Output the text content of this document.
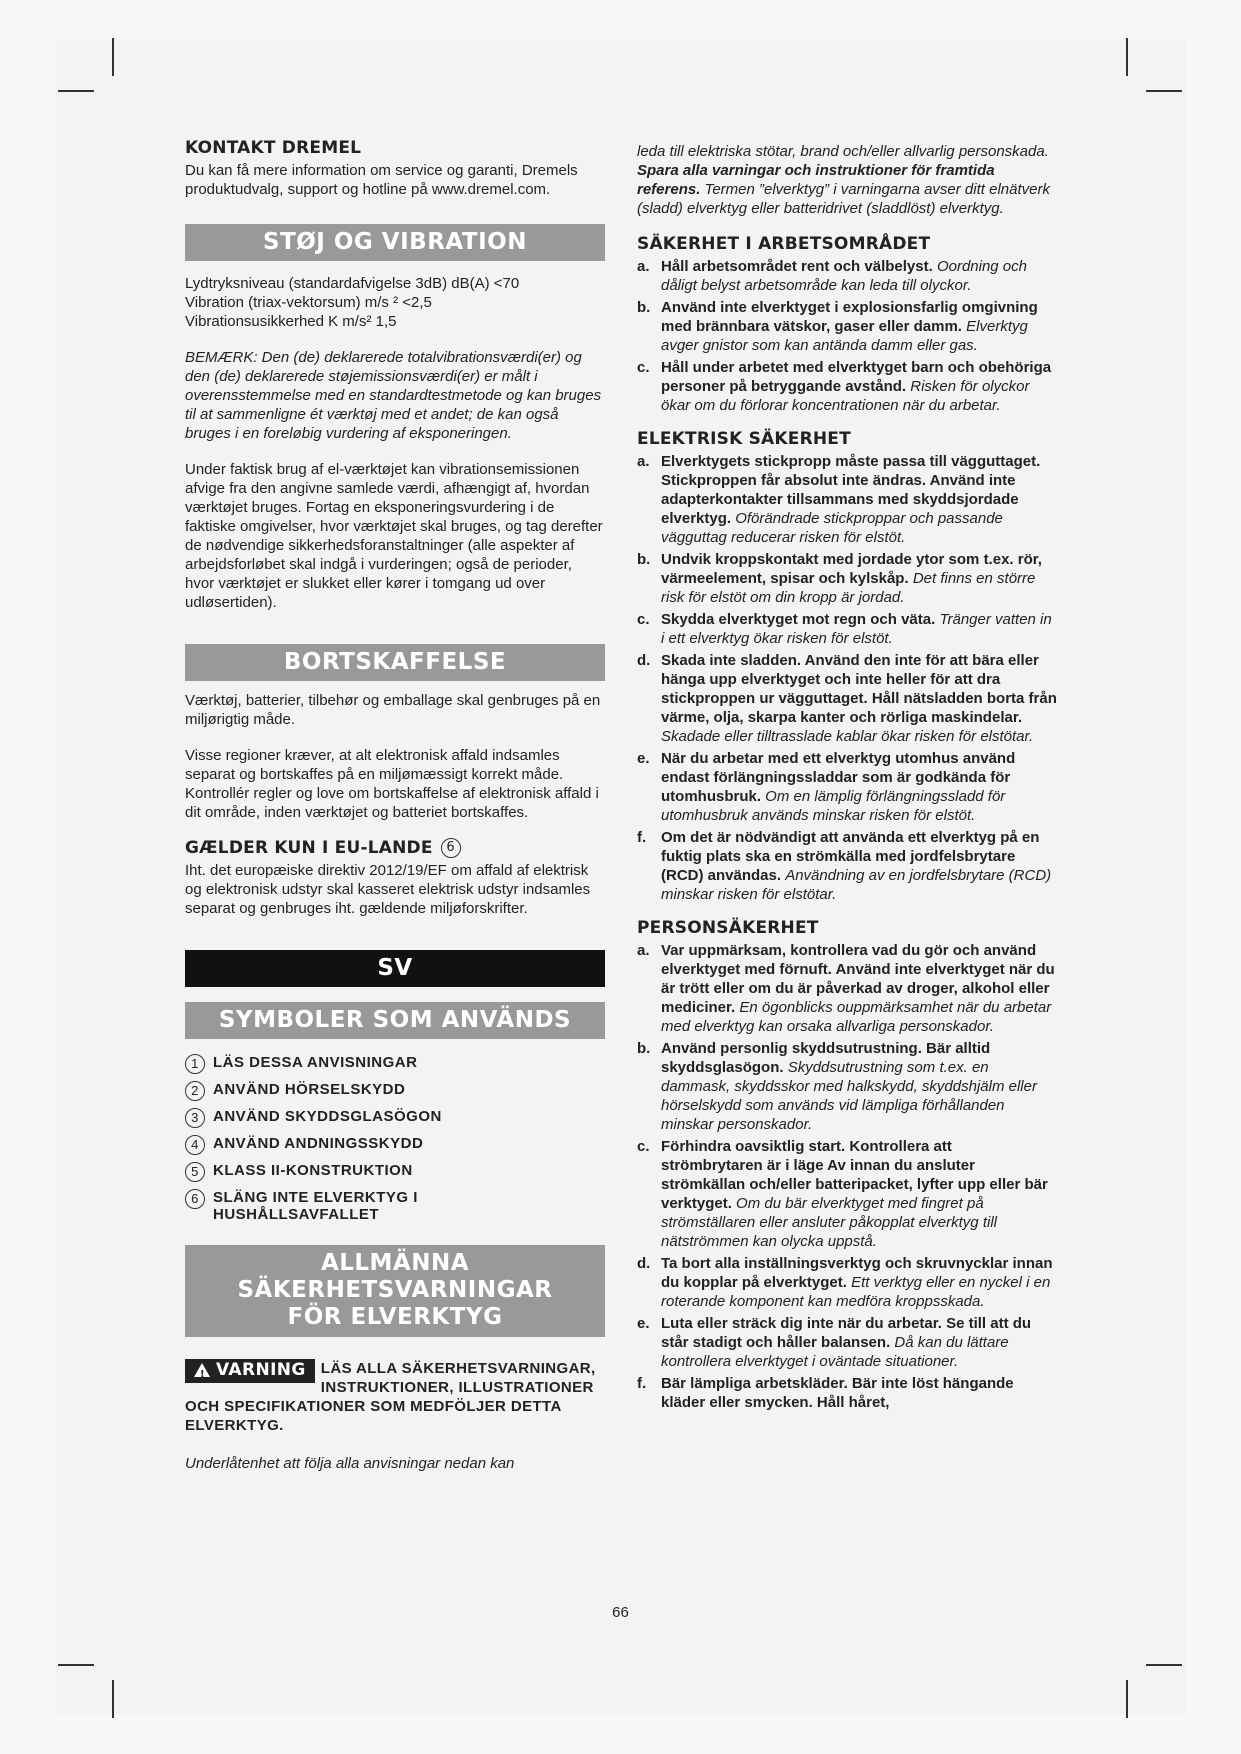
KONTAKT DREMEL

Du kan få mere information om service og garanti, Dremels produktudvalg, support og hotline på www.dremel.com.

STØJ OG VIBRATION

Lydtryksniveau (standardafvigelse 3dB) dB(A) <70

Vibration (triax-vektorsum) m/s ² <2,5

Vibrationsusikkerhed K m/s² 1,5

BEMÆRK: Den (de) deklarerede totalvibrationsværdi(er) og den (de) deklarerede støjemissionsværdi(er) er målt i overensstemmelse med en standardtestmetode og kan bruges til at sammenligne ét værktøj med et andet; de kan også bruges i en foreløbig vurdering af eksponeringen.

Under faktisk brug af el-værktøjet kan vibrationsemissionen afvige fra den angivne samlede værdi, afhængigt af, hvordan værktøjet bruges. Fortag en eksponeringsvurdering i de faktiske omgivelser, hvor værktøjet skal bruges, og tag derefter de nødvendige sikkerhedsforanstaltninger (alle aspekter af arbejdsforløbet skal indgå i vurderingen; også de perioder, hvor værktøjet er slukket eller kører i tomgang ud over udløsertiden).

BORTSKAFFELSE

Værktøj, batterier, tilbehør og emballage skal genbruges på en miljørigtig måde.

Visse regioner kræver, at alt elektronisk affald indsamles separat og bortskaffes på en miljømæssigt korrekt måde. Kontrollér regler og love om bortskaffelse af elektronisk affald i dit område, inden værktøjet og batteriet bortskaffes.

GÆLDER KUN I EU-LANDE	6

Iht. det europæiske direktiv 2012/19/EF om affald af elektrisk og elektronisk udstyr skal kasseret elektrisk udstyr indsamles separat og genbruges iht. gældende miljøforskrifter.

SV
SYMBOLER SOM ANVÄNDS
1 LÄS DESSA ANVISNINGAR
2 ANVÄND HÖRSELSKYDD
3 ANVÄND SKYDDSGLASÖGON
4 ANVÄND ANDNINGSSKYDD
5 KLASS II-KONSTRUKTION
6 SLÄNG INTE ELVERKTYG I HUSHÅLLSAVFALLET
ALLMÄNNA SÄKERHETSVARNINGAR
FÖR ELVERKTYG
! VARNING	LÄS ALLA SÄKERHETSVARNINGAR, INSTRUKTIONER, ILLUSTRATIONER OCH SPECIFIKATIONER SOM MEDFÖLJER DETTA ELVERKTYG.

Underlåtenhet att följa alla anvisningar nedan kan

leda till elektriska stötar, brand och/eller allvarlig personskada. Spara alla varningar och instruktioner för framtida referens. Termen ”elverktyg” i varningarna avser ditt elnätverk (sladd) elverktyg eller batteridrivet (sladdlöst) elverktyg.

SÄKERHET I ARBETSOMRÅDET
a. Håll arbetsområdet rent och välbelyst. Oordning och dåligt belyst arbetsområde kan leda till olyckor.
b. Använd inte elverktyget i explosionsfarlig omgivning med brännbara vätskor, gaser eller damm. Elverktyg avger gnistor som kan antända damm eller gas.
c. Håll under arbetet med elverktyget barn och obehöriga personer på betryggande avstånd. Risken för olyckor ökar om du förlorar koncentrationen när du arbetar.
ELEKTRISK SÄKERHET
a. Elverktygets stickpropp måste passa till vägguttaget. Stickproppen får absolut inte ändras. Använd inte adapterkontakter tillsammans med skyddsjordade elverktyg. Oförändrade stickproppar och passande vägguttag reducerar risken för elstöt.
b. Undvik kroppskontakt med jordade ytor som t.ex. rör, värmeelement, spisar och kylskåp. Det finns en större risk för elstöt om din kropp är jordad.
c. Skydda elverktyget mot regn och väta. Tränger vatten in i ett elverktyg ökar risken för elstöt.
d. Skada inte sladden. Använd den inte för att bära eller hänga upp elverktyget och inte heller för att dra stickproppen ur vägguttaget. Håll nätsladden borta från värme, olja, skarpa kanter och rörliga maskindelar. Skadade eller tilltrasslade kablar ökar risken för elstötar.
e. När du arbetar med ett elverktyg utomhus använd endast förlängningssladdar som är godkända för utomhusbruk. Om en lämplig förlängningssladd för utomhusbruk används minskar risken för elstöt.
f. Om det är nödvändigt att använda ett elverktyg på en fuktig plats ska en strömkälla med jordfelsbrytare (RCD) användas. Användning av en jordfelsbrytare (RCD) minskar risken för elstötar.
PERSONSÄKERHET
a. Var uppmärksam, kontrollera vad du gör och använd elverktyget med förnuft. Använd inte elverktyget när du är trött eller om du är påverkad av droger, alkohol eller mediciner. En ögonblicks ouppmärksamhet när du arbetar med elverktyg kan orsaka allvarliga personskador.
b. Använd personlig skyddsutrustning. Bär alltid skyddsglasögon. Skyddsutrustning som t.ex. en dammask, skyddsskor med halkskydd, skyddshjälm eller hörselskydd som används vid lämpliga förhållanden minskar personskador.
c. Förhindra oavsiktlig start. Kontrollera att strömbrytaren är i läge Av innan du ansluter strömkällan och/eller batteripacket, lyfter upp eller bär verktyget. Om du bär elverktyget med fingret på strömställaren eller ansluter påkopplat elverktyg till nätströmmen kan olycka uppstå.
d. Ta bort alla inställningsverktyg och skruvnycklar innan du kopplar på elverktyget. Ett verktyg eller en nyckel i en roterande komponent kan medföra kroppsskada.
e. Luta eller sträck dig inte när du arbetar. Se till att du står stadigt och håller balansen. Då kan du lättare kontrollera elverktyget i oväntade situationer.
f. Bär lämpliga arbetskläder. Bär inte löst hängande kläder eller smycken. Håll håret,
66
